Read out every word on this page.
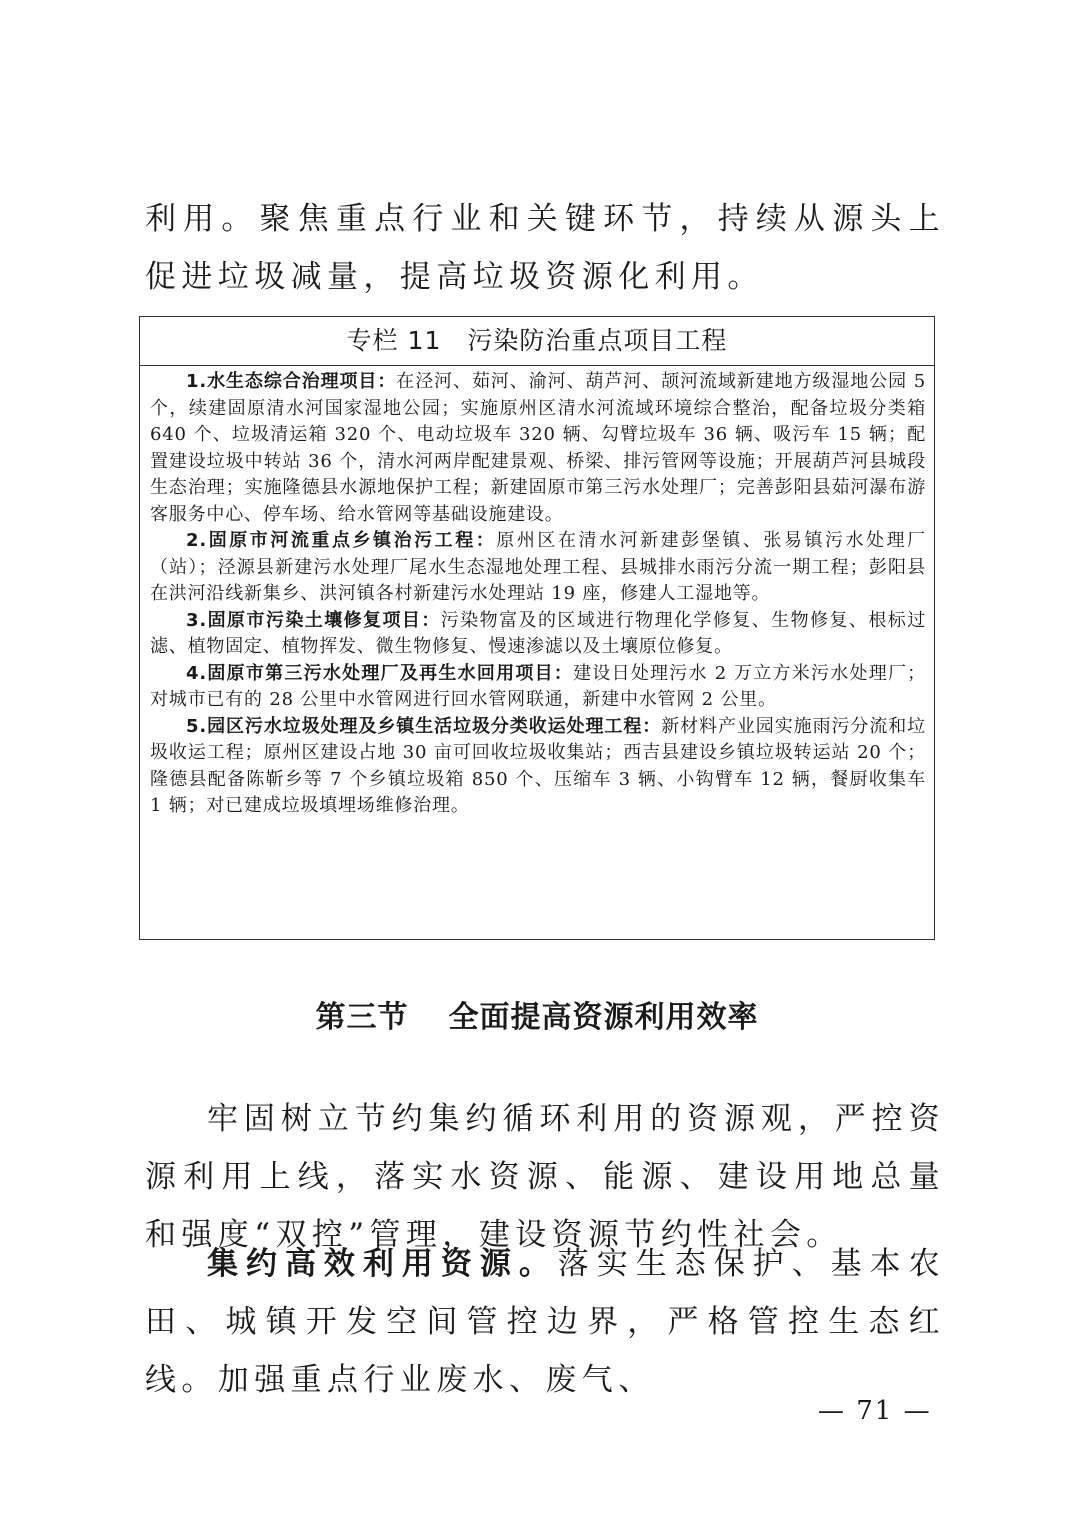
利用。聚焦重点行业和关键环节，持续从源头上促进垃圾减量，提高垃圾资源化利用。

专栏 11 污染防治重点项目工程

1.水生态综合治理项目：在泾河、茹河、渝河、葫芦河、颉河流域新建地方级湿地公园 5 个，续建固原清水河国家湿地公园；实施原州区清水河流域环境综合整治，配备垃圾分类箱 640 个、垃圾清运箱 320 个、电动垃圾车 320 辆、勾臂垃圾车 36 辆、吸污车 15 辆；配置建设垃圾中转站 36 个，清水河两岸配建景观、桥梁、排污管网等设施；开展葫芦河县城段生态治理；实施隆德县水源地保护工程；新建固原市第三污水处理厂；完善彭阳县茹河瀑布游客服务中心、停车场、给水管网等基础设施建设。

2.固原市河流重点乡镇治污工程：原州区在清水河新建彭堡镇、张易镇污水处理厂（站）；泾源县新建污水处理厂尾水生态湿地处理工程、县城排水雨污分流一期工程；彭阳县在洪河沿线新集乡、洪河镇各村新建污水处理站 19 座，修建人工湿地等。

3.固原市污染土壤修复项目：污染物富及的区域进行物理化学修复、生物修复、根标过滤、植物固定、植物挥发、微生物修复、慢速渗滤以及土壤原位修复。

4.固原市第三污水处理厂及再生水回用项目：建设日处理污水 2 万立方米污水处理厂；对城市已有的 28 公里中水管网进行回水管网联通，新建中水管网 2 公里。

5.园区污水垃圾处理及乡镇生活垃圾分类收运处理工程：新材料产业园实施雨污分流和垃圾收运工程；原州区建设占地 30 亩可回收垃圾收集站；西吉县建设乡镇垃圾转运站 20 个；隆德县配备陈靳乡等 7 个乡镇垃圾箱 850 个、压缩车 3 辆、小钩臂车 12 辆，餐厨收集车 1 辆；对已建成垃圾填埋场维修治理。

第三节 全面提高资源利用效率

牢固树立节约集约循环利用的资源观，严控资源利用上线，落实水资源、能源、建设用地总量和强度“双控”管理，建设资源节约性社会。

集约高效利用资源。落实生态保护、基本农田、城镇开发空间管控边界，严格管控生态红线。加强重点行业废水、废气、

— 71 —
